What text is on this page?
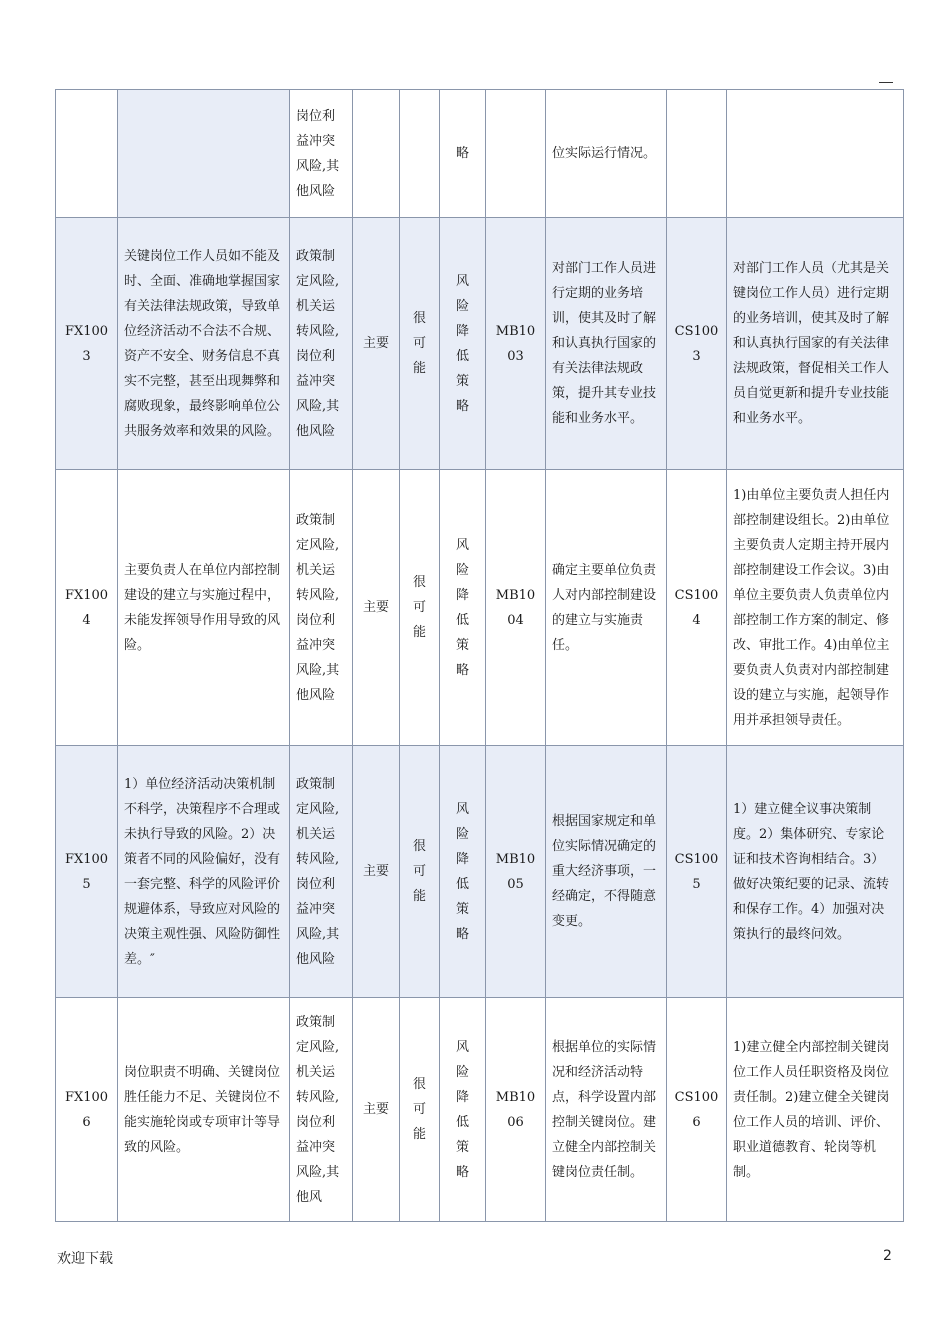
		岗位利益冲突风险,其他风险			略		位实际运行情况。		
FX1003	关键岗位工作人员如不能及时、全面、准确地掌握国家有关法律法规政策，导致单位经济活动不合法不合规、资产不安全、财务信息不真实不完整，甚至出现舞弊和腐败现象，最终影响单位公共服务效率和效果的风险。	政策制定风险,机关运转风险,岗位利益冲突风险,其他风险	主要	很可能	风险降低策略	MB1003	对部门工作人员进行定期的业务培训，使其及时了解和认真执行国家的有关法律法规政策，提升其专业技能和业务水平。	CS1003	对部门工作人员（尤其是关键岗位工作人员）进行定期的业务培训，使其及时了解和认真执行国家的有关法律法规政策，督促相关工作人员自觉更新和提升专业技能和业务水平。
FX1004	主要负责人在单位内部控制建设的建立与实施过程中，未能发挥领导作用导致的风险。	政策制定风险,机关运转风险,岗位利益冲突风险,其他风险	主要	很可能	风险降低策略	MB1004	确定主要单位负责人对内部控制建设的建立与实施责任。	CS1004	1)由单位主要负责人担任内部控制建设组长。2)由单位主要负责人定期主持开展内部控制建设工作会议。3)由单位主要负责人负责单位内部控制工作方案的制定、修改、审批工作。4)由单位主要负责人负责对内部控制建设的建立与实施，起领导作用并承担领导责任。
FX1005	1）单位经济活动决策机制不科学，决策程序不合理或未执行导致的风险。2）决策者不同的风险偏好，没有一套完整、科学的风险评价规避体系，导致应对风险的决策主观性强、风险防御性差。″	政策制定风险,机关运转风险,岗位利益冲突风险,其他风险	主要	很可能	风险降低策略	MB1005	根据国家规定和单位实际情况确定的重大经济事项，一经确定，不得随意变更。	CS1005	1）建立健全议事决策制度。2）集体研究、专家论证和技术咨询相结合。3）做好决策纪要的记录、流转和保存工作。4）加强对决策执行的最终问效。
FX1006	岗位职责不明确、关键岗位胜任能力不足、关键岗位不能实施轮岗或专项审计等导致的风险。	政策制定风险,机关运转风险,岗位利益冲突风险,其他风	主要	很可能	风险降低策略	MB1006	根据单位的实际情况和经济活动特点，科学设置内部控制关键岗位。建立健全内部控制关键岗位责任制。	CS1006	1)建立健全内部控制关键岗位工作人员任职资格及岗位责任制。2)建立健全关键岗位工作人员的培训、评价、职业道德教育、轮岗等机制。
欢迎下载	2
